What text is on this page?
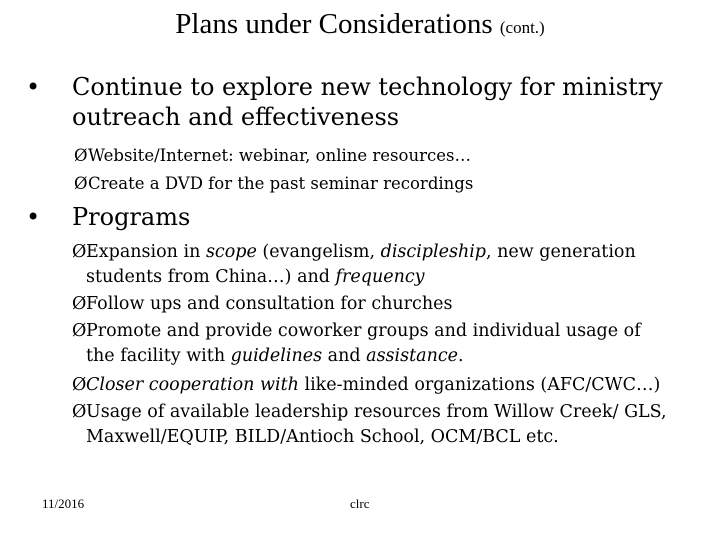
Plans under Considerations (cont.)
•	Continue to explore new technology for ministry outreach and effectiveness
Ø Website/Internet: webinar, online resources…
Ø Create a DVD for the past seminar recordings
•	Programs
Ø Expansion in scope (evangelism, discipleship, new generation students from China…) and frequency
Ø Follow ups and consultation for churches
Ø Promote and provide coworker groups and individual usage of the facility with guidelines and assistance.
Ø Closer cooperation with like-minded organizations (AFC/CWC…)
Ø Usage of available leadership resources from Willow Creek/ GLS, Maxwell/EQUIP, BILD/Antioch School, OCM/BCL etc.
11/2016	clrc
